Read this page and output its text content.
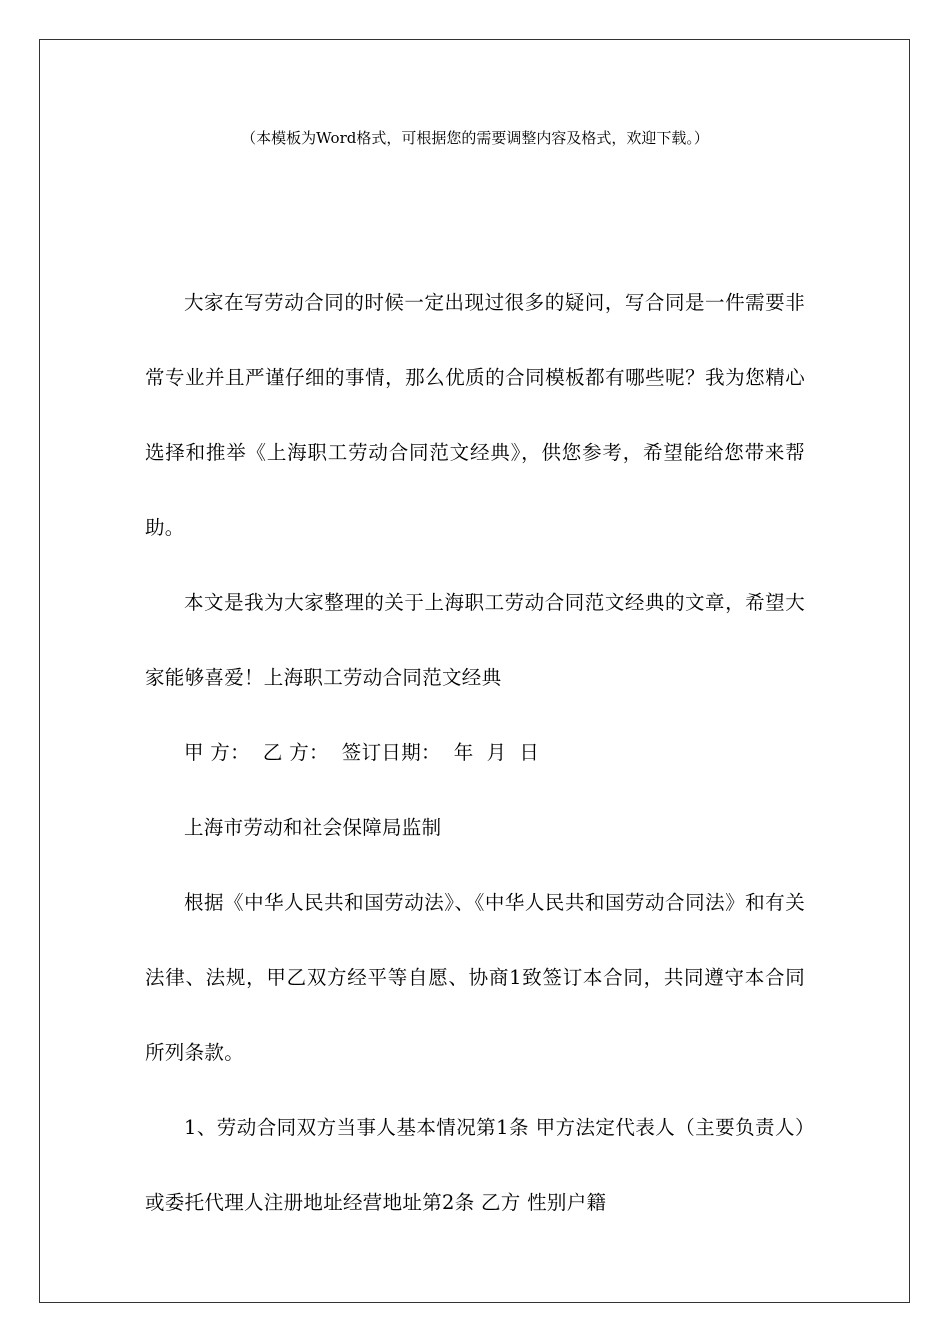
（本模板为Word格式，可根据您的需要调整内容及格式，欢迎下载。）

大家在写劳动合同的时候一定出现过很多的疑问，写合同是一件需要非常专业并且严谨仔细的事情，那么优质的合同模板都有哪些呢？我为您精心选择和推举《上海职工劳动合同范文经典》，供您参考，希望能给您带来帮助。

本文是我为大家整理的关于上海职工劳动合同范文经典的文章，希望大家能够喜爱！上海职工劳动合同范文经典

甲 方：  乙 方：  签订日期：  年  月  日

上海市劳动和社会保障局监制

根据《中华人民共和国劳动法》、《中华人民共和国劳动合同法》和有关法律、法规，甲乙双方经平等自愿、协商1致签订本合同，共同遵守本合同所列条款。

1、劳动合同双方当事人基本情况第1条 甲方法定代表人（主要负责人）或委托代理人注册地址经营地址第2条 乙方 性别户籍
